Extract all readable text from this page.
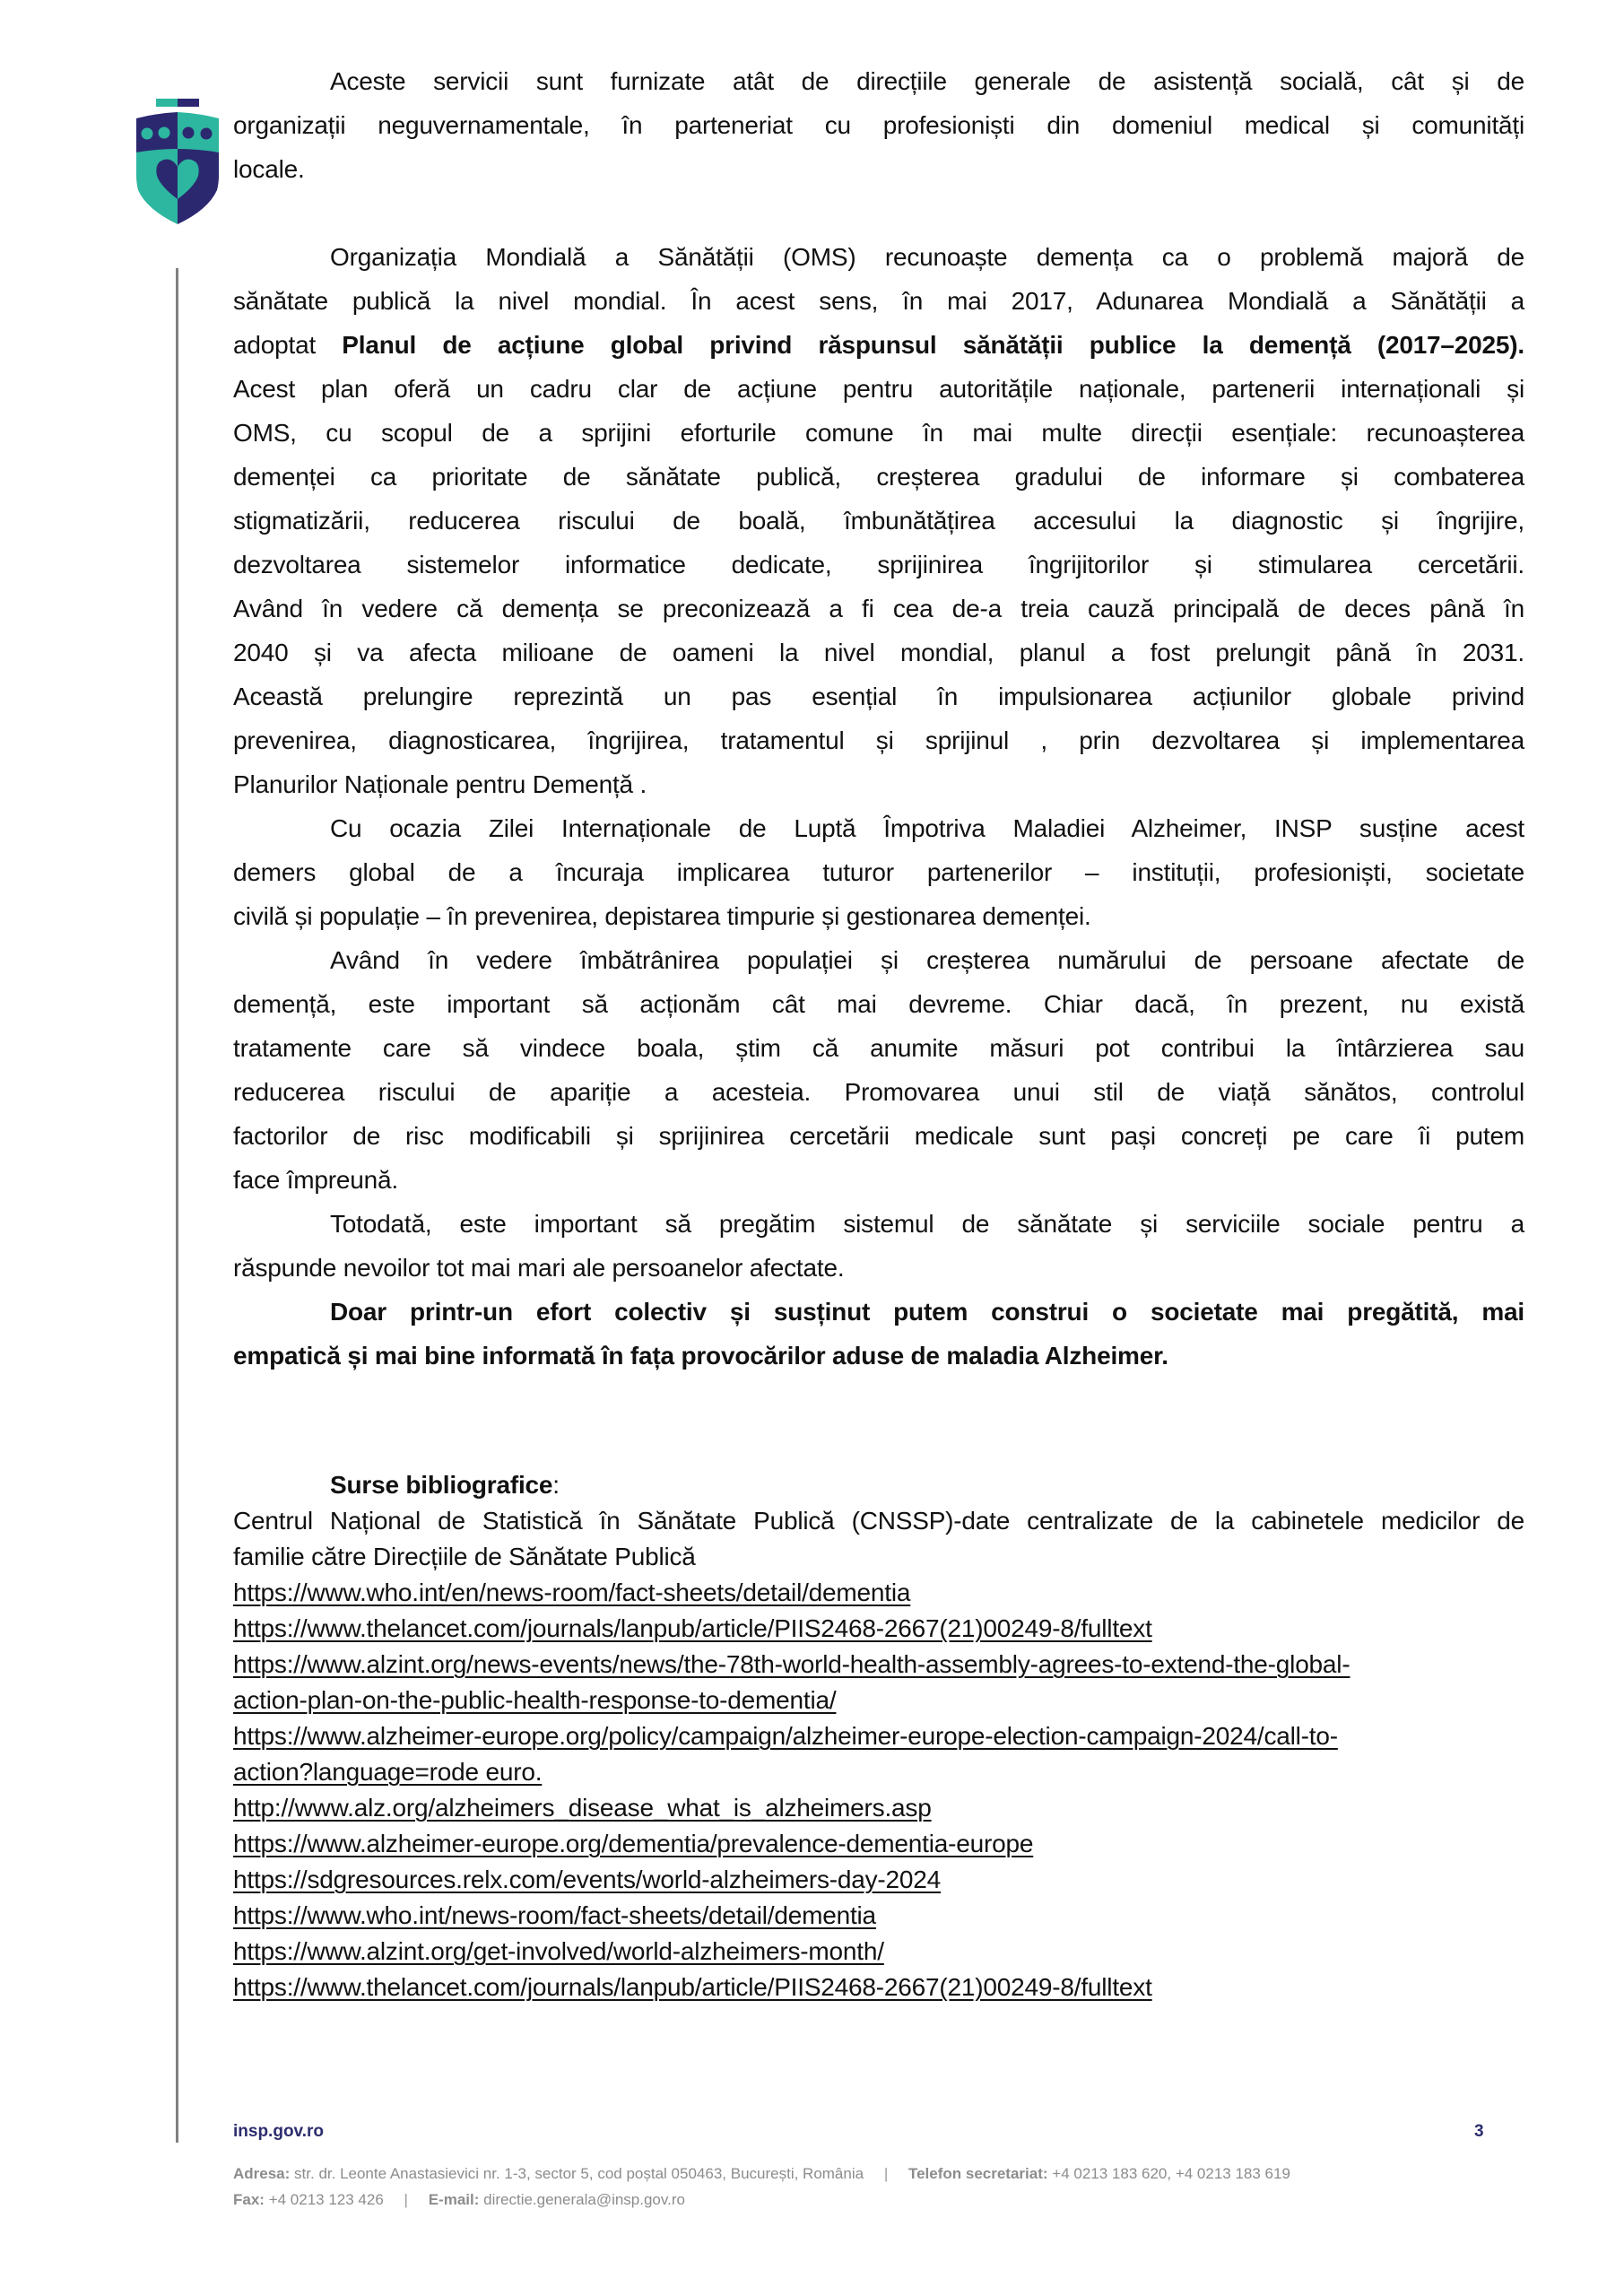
Aceste servicii sunt furnizate atât de direcțiile generale de asistență socială, cât și de
organizații neguvernamentale, în parteneriat cu profesioniști din domeniul medical și comunități
locale.
Organizația Mondială a Sănătății (OMS) recunoaște demența ca o problemă majoră de
sănătate publică la nivel mondial. În acest sens, în mai 2017, Adunarea Mondială a Sănătății a
adoptat Planul de acțiune global privind răspunsul sănătății publice la demență (2017–2025).
Acest plan oferă un cadru clar de acțiune pentru autoritățile naționale, partenerii internaționali și
OMS, cu scopul de a sprijini eforturile comune în mai multe direcții esențiale: recunoașterea
demenței ca prioritate de sănătate publică, creșterea gradului de informare și combaterea
stigmatizării, reducerea riscului de boală, îmbunătățirea accesului la diagnostic și îngrijire,
dezvoltarea sistemelor informatice dedicate, sprijinirea îngrijitorilor și stimularea cercetării.
Având în vedere că demența se preconizează a fi cea de-a treia cauză principală de deces până în
2040 și va afecta milioane de oameni la nivel mondial, planul a fost prelungit până în 2031.
Această prelungire reprezintă un pas esențial în impulsionarea acțiunilor globale privind
prevenirea, diagnosticarea, îngrijirea, tratamentul și sprijinul , prin dezvoltarea și implementarea
Planurilor Naționale pentru Demență .
Cu ocazia Zilei Internaționale de Luptă Împotriva Maladiei Alzheimer, INSP susține acest
demers global de a încuraja implicarea tuturor partenerilor – instituții, profesioniști, societate
civilă și populație – în prevenirea, depistarea timpurie și gestionarea demenței.
Având în vedere îmbătrânirea populației și creșterea numărului de persoane afectate de
demență, este important să acționăm cât mai devreme. Chiar dacă, în prezent, nu există
tratamente care să vindece boala, știm că anumite măsuri pot contribui la întârzierea sau
reducerea riscului de apariție a acesteia. Promovarea unui stil de viață sănătos, controlul
factorilor de risc modificabili și sprijinirea cercetării medicale sunt pași concreți pe care îi putem
face împreună.
Totodată, este important să pregătim sistemul de sănătate și serviciile sociale pentru a
răspunde nevoilor tot mai mari ale persoanelor afectate.
Doar printr-un efort colectiv și susținut putem construi o societate mai pregătită, mai
empatică și mai bine informată în fața provocărilor aduse de maladia Alzheimer.
Surse bibliografice:
Centrul Național de Statistică în Sănătate Publică (CNSSP)-date centralizate de la cabinetele medicilor de
familie către Direcțiile de Sănătate Publică
https://www.who.int/en/news-room/fact-sheets/detail/dementia
https://www.thelancet.com/journals/lanpub/article/PIIS2468-2667(21)00249-8/fulltext
https://www.alzint.org/news-events/news/the-78th-world-health-assembly-agrees-to-extend-the-global-
action-plan-on-the-public-health-response-to-dementia/
https://www.alzheimer-europe.org/policy/campaign/alzheimer-europe-election-campaign-2024/call-to-
action?language=rode euro.
http://www.alz.org/alzheimers_disease_what_is_alzheimers.asp
https://www.alzheimer-europe.org/dementia/prevalence-dementia-europe
https://sdgresources.relx.com/events/world-alzheimers-day-2024
https://www.who.int/news-room/fact-sheets/detail/dementia
https://www.alzint.org/get-involved/world-alzheimers-month/
https://www.thelancet.com/journals/lanpub/article/PIIS2468-2667(21)00249-8/fulltext
insp.gov.ro	3
Adresa: str. dr. Leonte Anastasievici nr. 1-3, sector 5, cod poștal 050463, București, România | Telefon secretariat: +4 0213 183 620, +4 0213 183 619
Fax: +4 0213 123 426 | E-mail: directie.generala@insp.gov.ro
